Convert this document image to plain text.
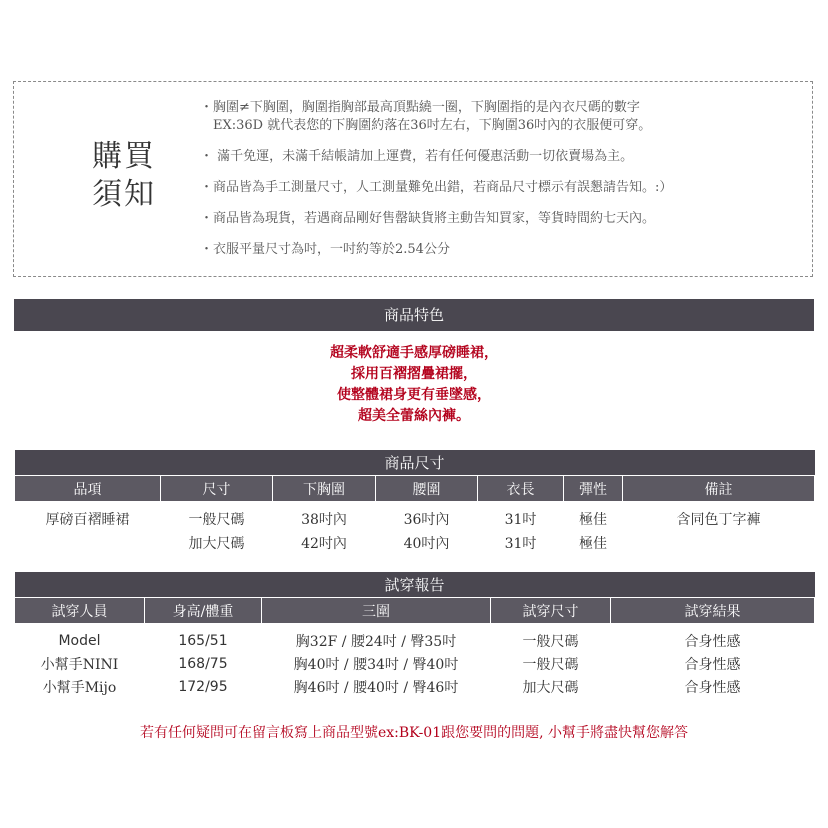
購買
須知
・胸圍≠下胸圍，胸圍指胸部最高頂點繞一圈，下胸圍指的是內衣尺碼的數字
EX:36D 就代表您的下胸圍約落在36吋左右，下胸圍36吋內的衣服便可穿。
・ 滿千免運，未滿千結帳請加上運費，若有任何優惠活動一切依賣場為主。
・商品皆為手工測量尺寸，人工測量難免出錯，若商品尺寸標示有誤懇請告知。:）
・商品皆為現貨，若遇商品剛好售罄缺貨將主動告知買家，等貨時間約七天內。
・衣服平量尺寸為吋，一吋約等於2.54公分
商品特色
超柔軟舒適手感厚磅睡裙，
採用百褶摺疊裙擺，
使整體裙身更有垂墜感，
超美全蕾絲內褲。
商品尺寸						
品項	尺寸	下胸圍	腰圍	衣長	彈性	備註
厚磅百褶睡裙	一般尺碼	38吋內	36吋內	31吋	極佳	含同色丁字褲
	加大尺碼	42吋內	40吋內	31吋	極佳	
試穿報告				
試穿人員	身高/體重	三圍	試穿尺寸	試穿結果
Model	165/51	胸32F / 腰24吋 / 臀35吋	一般尺碼	合身性感
小幫手NINI	168/75	胸40吋 / 腰34吋 / 臀40吋	一般尺碼	合身性感
小幫手Mijo	172/95	胸46吋 / 腰40吋 / 臀46吋	加大尺碼	合身性感
若有任何疑問可在留言板寫上商品型號ex:BK-01跟您要問的問題, 小幫手將盡快幫您解答
